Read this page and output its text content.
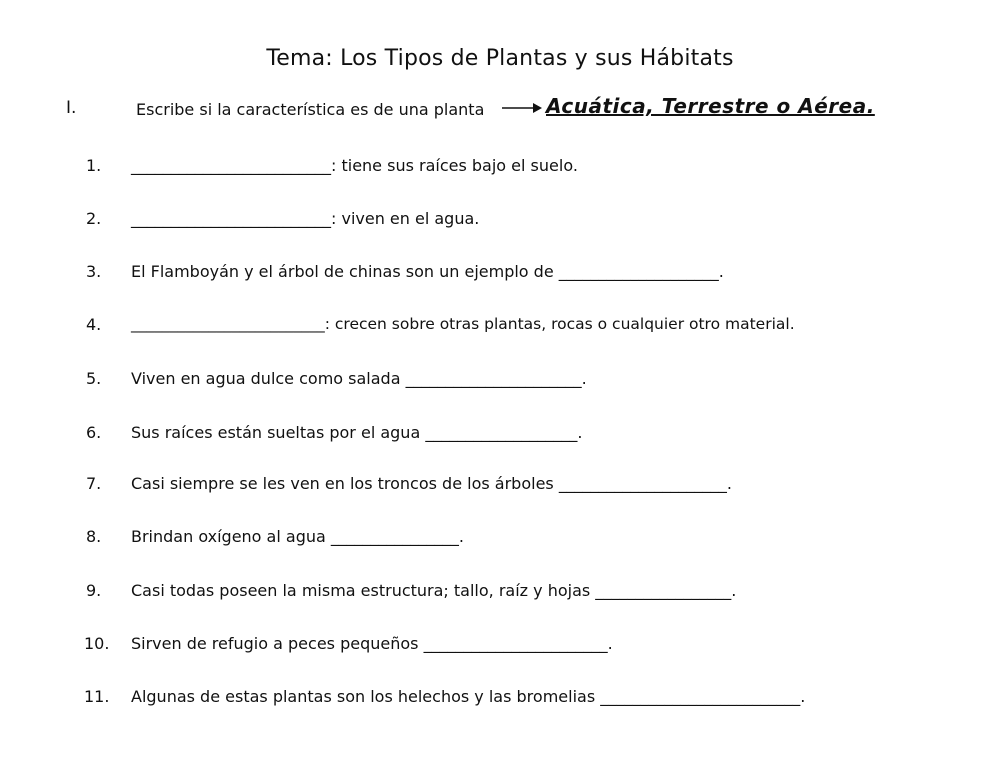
Tema: Los Tipos de Plantas y sus Hábitats
I.	Escribe si la característica es de una planta	Acuática, Terrestre o Aérea.
1. _________________________: tiene sus raíces bajo el suelo.
2. _________________________: viven en el agua.
3. El Flamboyán y el árbol de chinas son un ejemplo de ____________________.
4. _________________________: crecen sobre otras plantas, rocas o cualquier otro material.
5. Viven en agua dulce como salada ______________________.
6. Sus raíces están sueltas por el agua ___________________.
7. Casi siempre se les ven en los troncos de los árboles _____________________.
8. Brindan oxígeno al agua ________________.
9. Casi todas poseen la misma estructura; tallo, raíz y hojas _________________.
10. Sirven de refugio a peces pequeños _______________________.
11. Algunas de estas plantas son los helechos y las bromelias _________________________.
